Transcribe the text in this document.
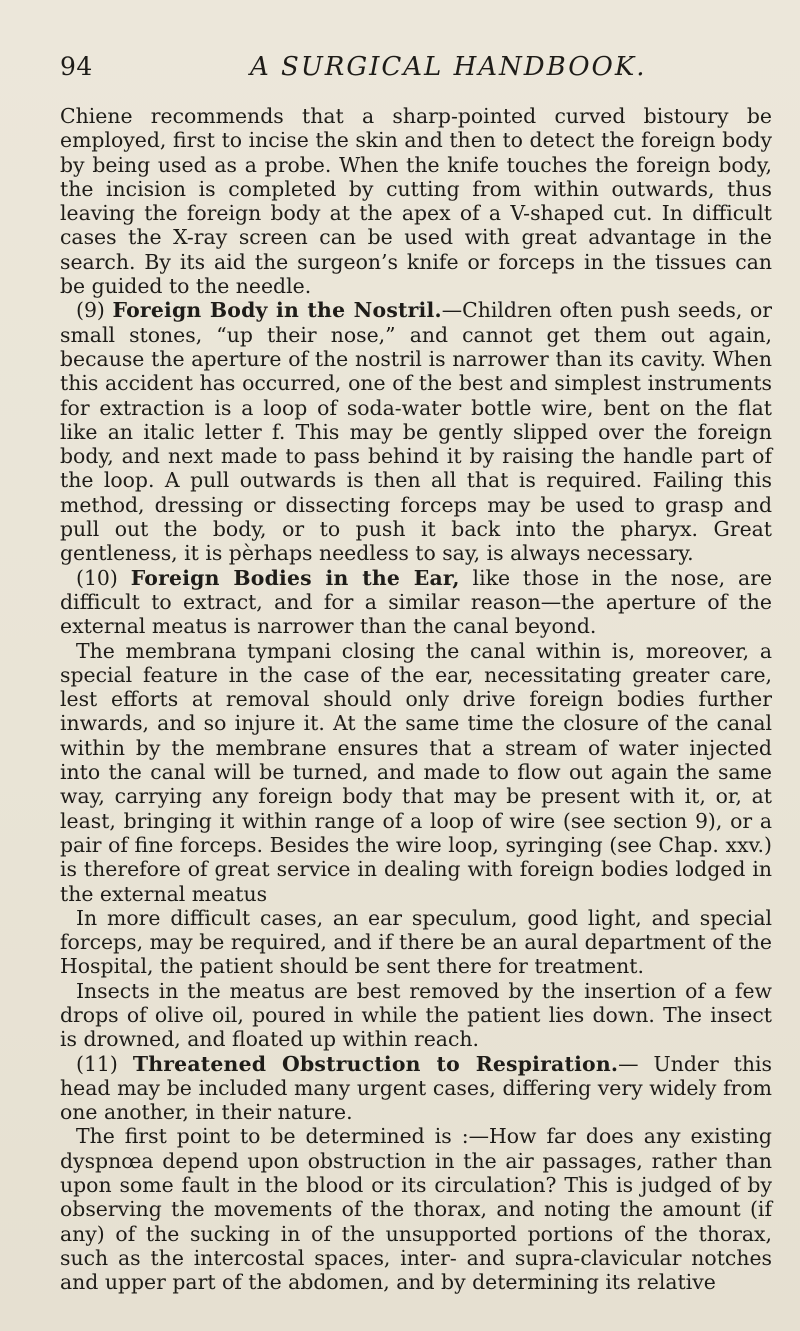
94	A SURGICAL HANDBOOK.

Chiene recommends that a sharp-pointed curved bistoury be employed, first to incise the skin and then to detect the foreign body by being used as a probe. When the knife touches the foreign body, the incision is completed by cutting from within outwards, thus leaving the foreign body at the apex of a V-shaped cut. In difficult cases the X-ray screen can be used with great advantage in the search. By its aid the surgeon’s knife or forceps in the tissues can be guided to the needle.

(9) Foreign Body in the Nostril.—Children often push seeds, or small stones, “up their nose,” and cannot get them out again, because the aperture of the nostril is narrower than its cavity. When this accident has occurred, one of the best and simplest instruments for extraction is a loop of soda-water bottle wire, bent on the flat like an italic letter f. This may be gently slipped over the foreign body, and next made to pass behind it by raising the handle part of the loop. A pull outwards is then all that is required. Failing this method, dressing or dissecting forceps may be used to grasp and pull out the body, or to push it back into the pharyx. Great gentleness, it is pèrhaps needless to say, is always necessary.

(10) Foreign Bodies in the Ear, like those in the nose, are difficult to extract, and for a similar reason—the aperture of the external meatus is narrower than the canal beyond.

The membrana tympani closing the canal within is, moreover, a special feature in the case of the ear, necessitating greater care, lest efforts at removal should only drive foreign bodies further inwards, and so injure it. At the same time the closure of the canal within by the membrane ensures that a stream of water injected into the canal will be turned, and made to flow out again the same way, carrying any foreign body that may be present with it, or, at least, bringing it within range of a loop of wire (see section 9), or a pair of fine forceps. Besides the wire loop, syringing (see Chap. xxv.) is therefore of great service in dealing with foreign bodies lodged in the external meatus

In more difficult cases, an ear speculum, good light, and special forceps, may be required, and if there be an aural department of the Hospital, the patient should be sent there for treatment.

Insects in the meatus are best removed by the insertion of a few drops of olive oil, poured in while the patient lies down. The insect is drowned, and floated up within reach.

(11) Threatened Obstruction to Respiration.— Under this head may be included many urgent cases, differing very widely from one another, in their nature.

The first point to be determined is :—How far does any existing dyspnœa depend upon obstruction in the air passages, rather than upon some fault in the blood or its circulation? This is judged of by observing the movements of the thorax, and noting the amount (if any) of the sucking in of the unsupported portions of the thorax, such as the intercostal spaces, inter- and supra-clavicular notches and upper part of the abdomen, and by determining its relative
